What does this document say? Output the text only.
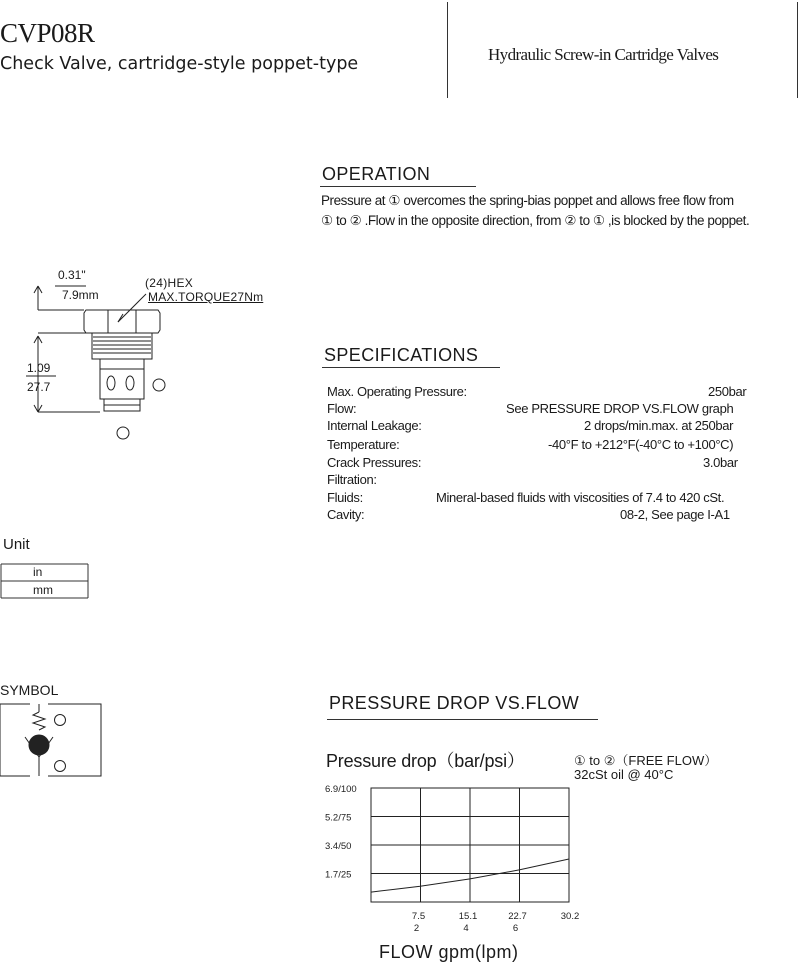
CVP08R
Check Valve, cartridge-style poppet-type	Hydraulic Screw-in Cartridge Valves
OPERATION
Pressure at ① overcomes the spring-bias poppet and allows free flow from
① to ② .Flow in the opposite direction, from ② to ① ,is blocked by the poppet.
0.31"
7.9mm
(24)HEX
MAX.TORQUE27Nm
1.09
27.7
SPECIFICATIONS
Max. Operating Pressure:	250bar
Flow:	See PRESSURE DROP VS.FLOW graph
Internal Leakage:	2 drops/min.max. at 250bar
Temperature:	-40°F to +212°F(-40°C to +100°C)
Crack Pressures:	3.0bar
Filtration:
Fluids:	Mineral-based fluids with viscosities of 7.4 to 420 cSt.
Cavity:	08-2, See page I-A1
Unit
in
mm
SYMBOL
PRESSURE DROP VS.FLOW
Pressure drop（bar/psi）	① to ②（FREE FLOW）
32cSt oil @ 40°C
6.9/100
5.2/75
3.4/50
1.7/25
7.5
2
15.1
4
22.7
6
30.2
FLOW gpm(lpm)
